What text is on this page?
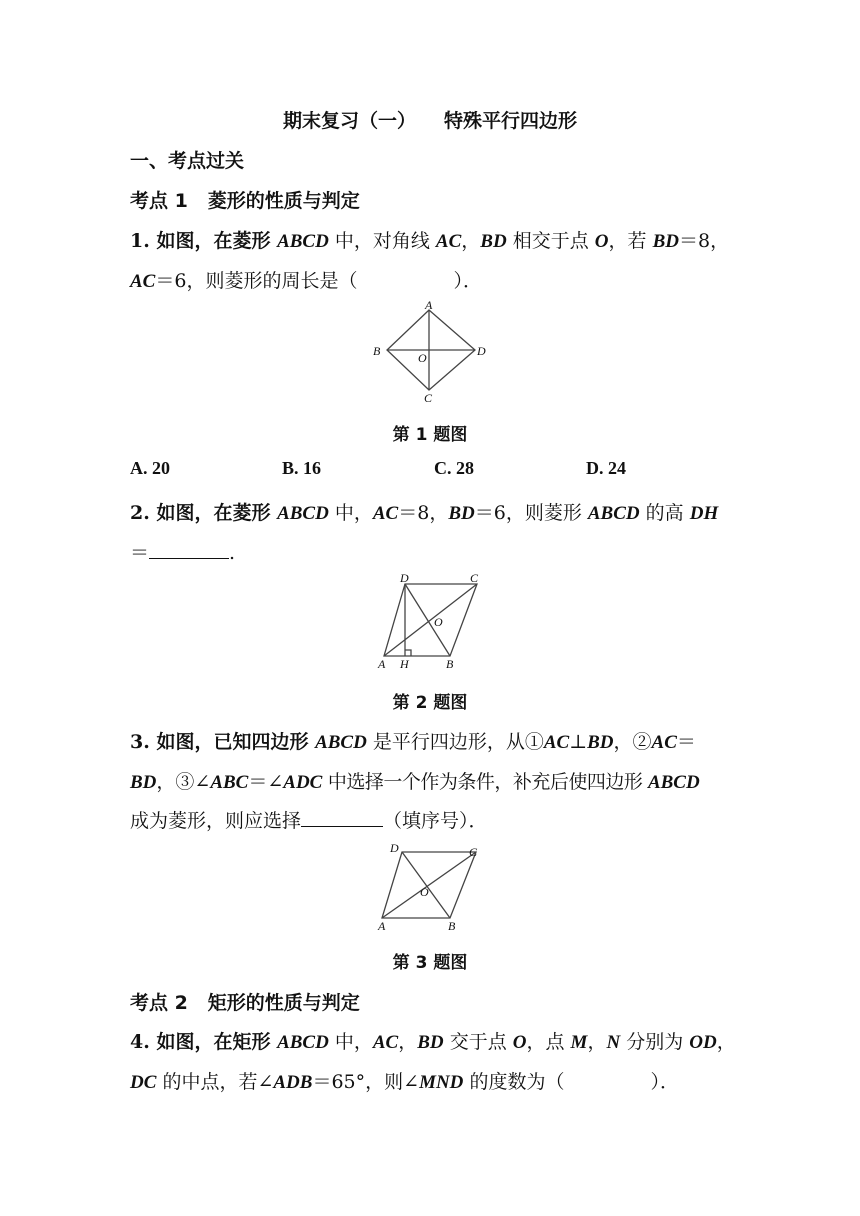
期末复习（一） 特殊平行四边形
一、考点过关
考点 1 菱形的性质与判定
1. 如图，在菱形 ABCD 中，对角线 AC，BD 相交于点 O，若 BD＝8，
AC＝6，则菱形的周长是（	）．
A
B	O	D
C
第 1 题图
A. 20	B. 16	C. 28	D. 24
2. 如图，在菱形 ABCD 中，AC＝8，BD＝6，则菱形 ABCD 的高 DH
＝	.
D	C
O
A H	B
第 2 题图
3. 如图，已知四边形 ABCD 是平行四边形，从①AC⊥BD，②AC＝
BD，③∠ABC＝∠ADC 中选择一个作为条件，补充后使四边形 ABCD
成为菱形，则应选择	（填序号）．
D	C
O
A	B
第 3 题图
考点 2 矩形的性质与判定
4. 如图，在矩形 ABCD 中，AC，BD 交于点 O，点 M，N 分别为 OD，
DC 的中点，若∠ADB＝65°，则∠MND 的度数为（	）．
